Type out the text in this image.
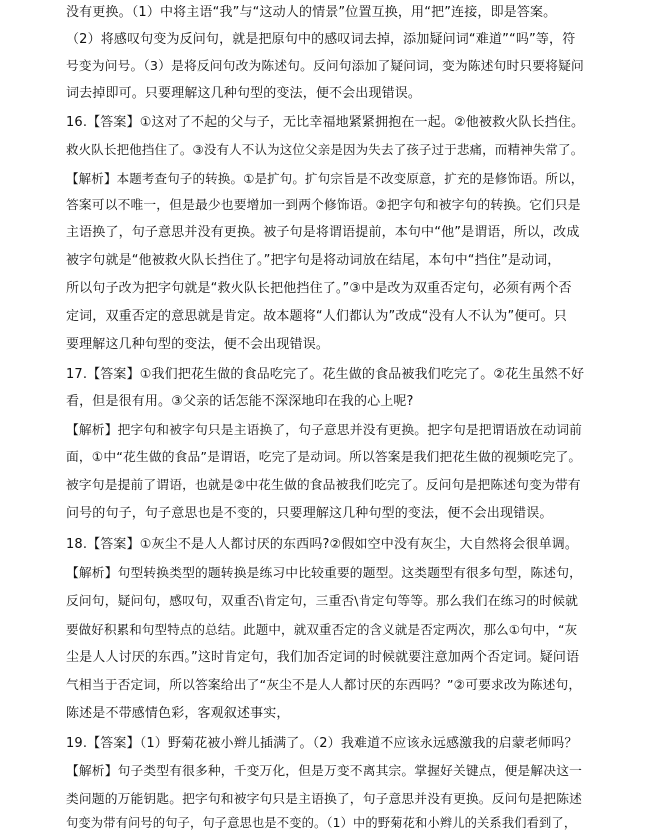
没有更换。（1）中将主语“我”与“这动人的情景”位置互换，用“把”连接，即是答案。
（2）将感叹句变为反问句，就是把原句中的感叹词去掉，添加疑问词“难道”“吗”等，符
号变为问号。（3）是将反问句改为陈述句。反问句添加了疑问词，变为陈述句时只要将疑问
词去掉即可。只要理解这几种句型的变法，便不会出现错误。
16.【答案】①这对了不起的父与子，无比幸福地紧紧拥抱在一起。②他被救火队长挡住。
救火队长把他挡住了。③没有人不认为这位父亲是因为失去了孩子过于悲痛，而精神失常了。
【解析】本题考查句子的转换。①是扩句。扩句宗旨是不改变原意，扩充的是修饰语。所以，
答案可以不唯一，但是最少也要增加一到两个修饰语。②把字句和被字句的转换。它们只是
主语换了，句子意思并没有更换。被子句是将谓语提前，本句中“他”是谓语，所以，改成
被字句就是“他被救火队长挡住了。”把字句是将动词放在结尾，本句中“挡住”是动词，
所以句子改为把字句就是“救火队长把他挡住了。”③中是改为双重否定句，必须有两个否
定词，双重否定的意思就是肯定。故本题将“人们都认为”改成“没有人不认为”便可。只
要理解这几种句型的变法，便不会出现错误。
17.【答案】①我们把花生做的食品吃完了。花生做的食品被我们吃完了。②花生虽然不好
看，但是很有用。③父亲的话怎能不深深地印在我的心上呢?
【解析】把字句和被字句只是主语换了，句子意思并没有更换。把字句是把谓语放在动词前
面，①中“花生做的食品”是谓语，吃完了是动词。所以答案是我们把花生做的视频吃完了。
被字句是提前了谓语，也就是②中花生做的食品被我们吃完了。反问句是把陈述句变为带有
问号的句子，句子意思也是不变的，只要理解这几种句型的变法，便不会出现错误。
18.【答案】①灰尘不是人人都讨厌的东西吗?②假如空中没有灰尘，大自然将会很单调。
【解析】句型转换类型的题转换是练习中比较重要的题型。这类题型有很多句型，陈述句，
反问句，疑问句，感叹句，双重否\肯定句，三重否\肯定句等等。那么我们在练习的时候就
要做好积累和句型特点的总结。此题中，就双重否定的含义就是否定两次，那么①句中，“灰
尘是人人讨厌的东西。”这时肯定句，我们加否定词的时候就要注意加两个否定词。疑问语
气相当于否定词，所以答案给出了“灰尘不是人人都讨厌的东西吗？”②可要求改为陈述句，
陈述是不带感情色彩，客观叙述事实，
19.【答案】（1）野菊花被小辫儿插满了。（2）我难道不应该永远感激我的启蒙老师吗？
【解析】句子类型有很多种，千变万化，但是万变不离其宗。掌握好关键点，便是解决这一
类问题的万能钥匙。把字句和被字句只是主语换了，句子意思并没有更换。反问句是把陈述
句变为带有问号的句子，句子意思也是不变的。（1）中的野菊花和小辫儿的关系我们看到了，
